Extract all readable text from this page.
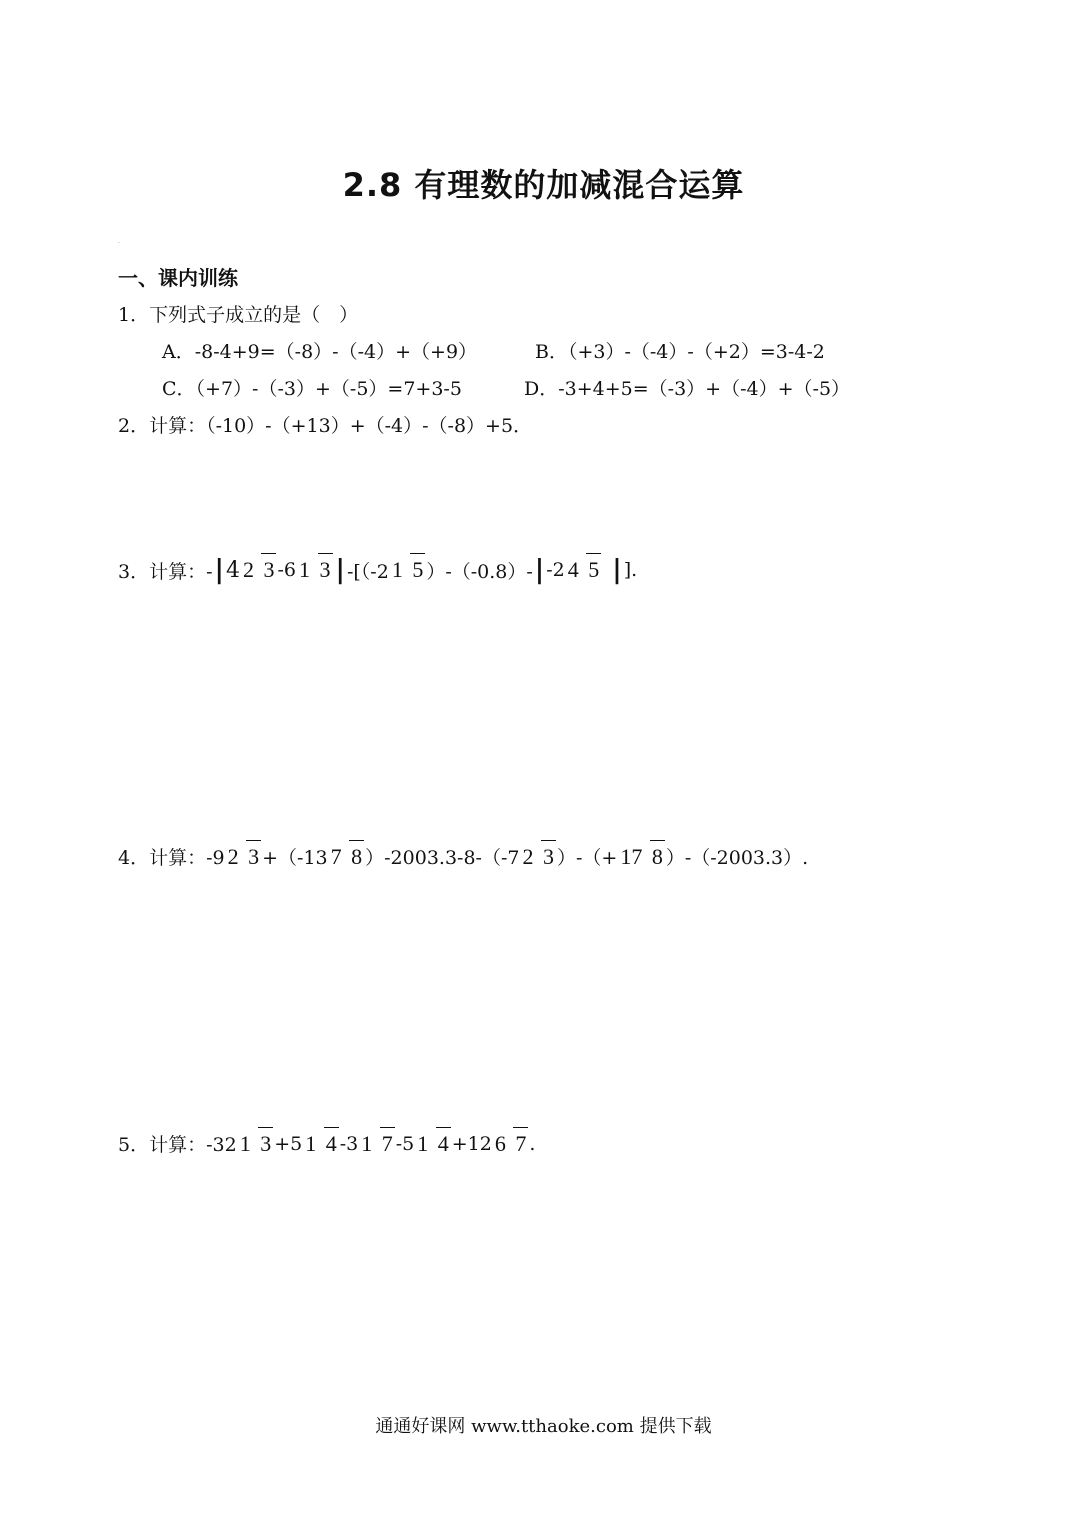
2.8 有理数的加减混合运算
.
一、课内训练
1．下列式子成立的是（　）
A．-8-4+9=（-8）-（-4）+（+9）	B．（+3）-（-4）-（+2）=3-4-2
C．（+7）-（-3）+（-5）=7+3-5	D．-3+4+5=（-3）+（-4）+（-5）
2．计算：（-10）-（+13）+（-4）-（-8）+5．
3．计算：- | 4 2 3 -6 1 3 | -[（-2 1 5 ）-（-0.8）- | -2 4 5 | ].
4．计算：-9 2 3 +（-13 7 8 ）-2003.3-8-（-7 2 3 ）-（+ 17 8 ）-（-2003.3）.
5．计算：-32 1 3 +5 1 4 -3 1 7 -5 1 4 +12 6 7 .
通通好课网 www.tthaoke.com 提供下载
